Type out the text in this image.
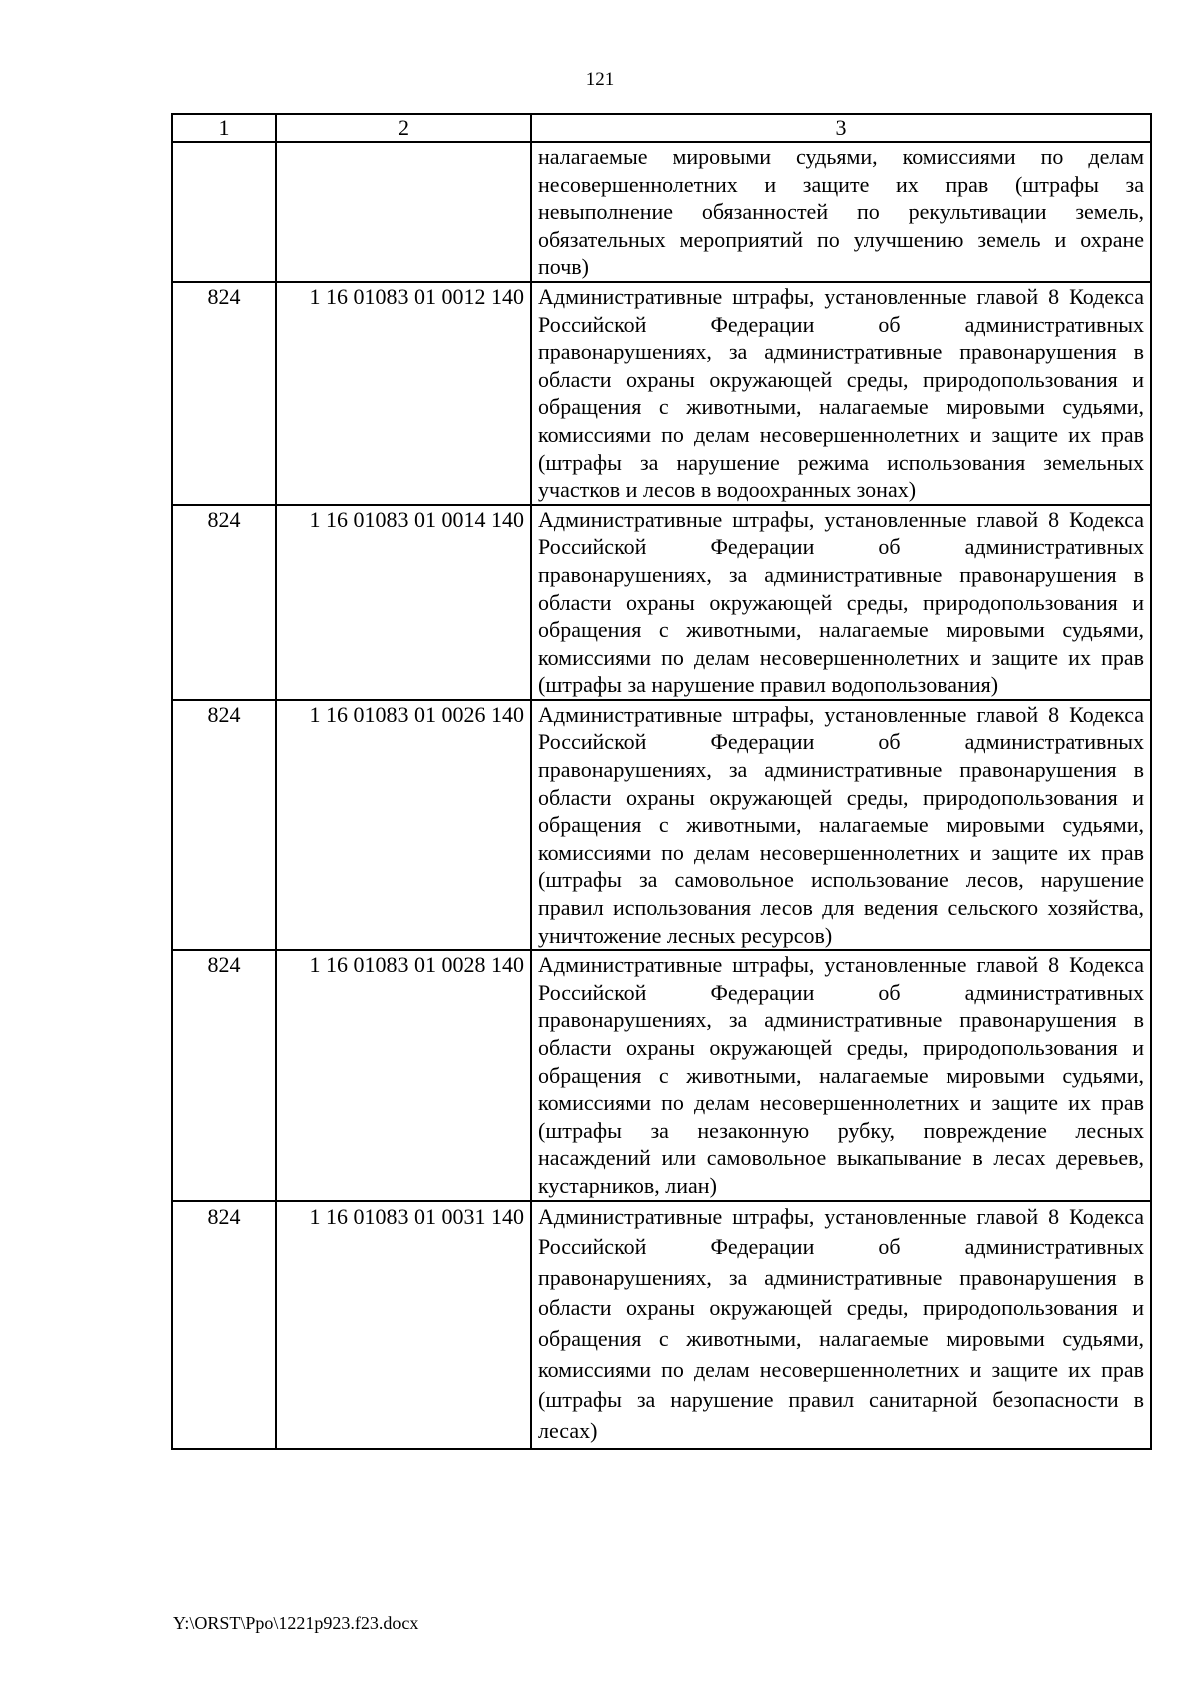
121
1	2	3
		налагаемые мировыми судьями, комиссиями по делам несовершеннолетних и защите их прав (штрафы за невыполнение обязанностей по рекультивации земель, обязательных мероприятий по улучшению земель и охране почв)
824	1 16 01083 01 0012 140	Административные штрафы, установленные главой 8 Кодекса Российской Федерации об административных правонарушениях, за административные правонарушения в области охраны окружающей среды, природопользования и обращения с животными, налагаемые мировыми судьями, комиссиями по делам несовершеннолетних и защите их прав (штрафы за нарушение режима использования земельных участков и лесов в водоохранных зонах)
824	1 16 01083 01 0014 140	Административные штрафы, установленные главой 8 Кодекса Российской Федерации об административных правонарушениях, за административные правонарушения в области охраны окружающей среды, природопользования и обращения с животными, налагаемые мировыми судьями, комиссиями по делам несовершеннолетних и защите их прав (штрафы за нарушение правил водопользования)
824	1 16 01083 01 0026 140	Административные штрафы, установленные главой 8 Кодекса Российской Федерации об административных правонарушениях, за административные правонарушения в области охраны окружающей среды, природопользования и обращения с животными, налагаемые мировыми судьями, комиссиями по делам несовершеннолетних и защите их прав (штрафы за самовольное использование лесов, нарушение правил использования лесов для ведения сельского хозяйства, уничтожение лесных ресурсов)
824	1 16 01083 01 0028 140	Административные штрафы, установленные главой 8 Кодекса Российской Федерации об административных правонарушениях, за административные правонарушения в области охраны окружающей среды, природопользования и обращения с животными, налагаемые мировыми судьями, комиссиями по делам несовершеннолетних и защите их прав (штрафы за незаконную рубку, повреждение лесных насаждений или самовольное выкапывание в лесах деревьев, кустарников, лиан)
824	1 16 01083 01 0031 140	Административные штрафы, установленные главой 8 Кодекса Российской Федерации об административных правонарушениях, за административные правонарушения в области охраны окружающей среды, природопользования и обращения с животными, налагаемые мировыми судьями, комиссиями по делам несовершеннолетних и защите их прав (штрафы за нарушение правил санитарной безопасности в лесах)
Y:\ORST\Ppo\1221p923.f23.docx
